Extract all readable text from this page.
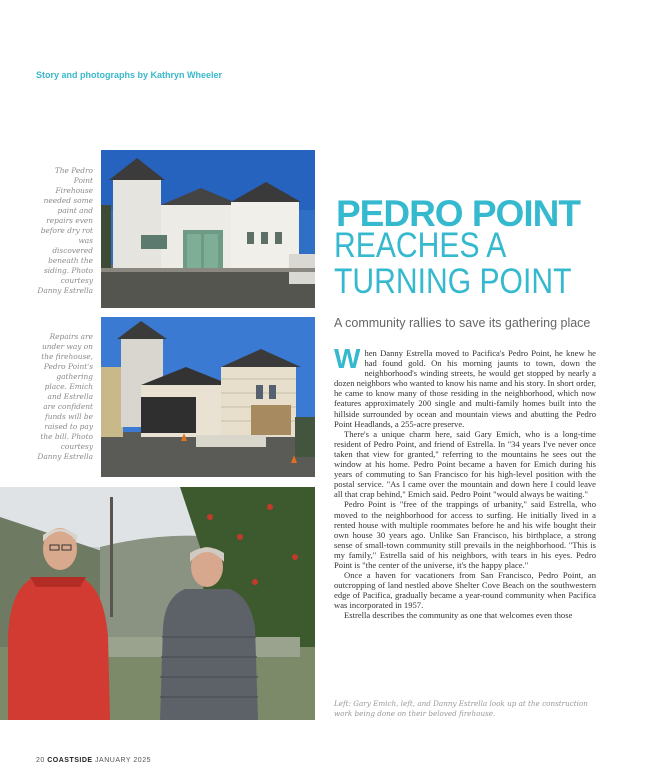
Story and photographs by Kathryn Wheeler
The Pedro Point Firehouse needed some paint and repairs even before dry rot was discovered beneath the siding. Photo courtesy Danny Estrella
Repairs are under way on the firehouse, Pedro Point's gathering place. Emich and Estrella are confident funds will be raised to pay the bill. Photo courtesy Danny Estrella
PEDRO POINT
REACHES A TURNING POINT
A community rallies to save its gathering place

When Danny Estrella moved to Pacifica's Pedro Point, he knew he had found gold. On his morning jaunts to town, down the neighborhood's winding streets, he would get stopped by nearly a dozen neighbors who wanted to know his name and his story. In short order, he came to know many of those residing in the neighborhood, which now features approximately 200 single and multi-family homes built into the hillside surrounded by ocean and mountain views and abutting the Pedro Point Headlands, a 255-acre preserve.

There's a unique charm here, said Gary Emich, who is a long-time resident of Pedro Point, and friend of Estrella. In "34 years I've never once taken that view for granted," referring to the mountains he sees out the window at his home. Pedro Point became a haven for Emich during his years of commuting to San Francisco for his high-level position with the postal service. "As I came over the mountain and down here I could leave all that crap behind," Emich said. Pedro Point "would always be waiting."

Pedro Point is "free of the trappings of urbanity," said Estrella, who moved to the neighborhood for access to surfing. He initially lived in a rented house with multiple roommates before he and his wife bought their own house 30 years ago. Unlike San Francisco, his birthplace, a strong sense of small-town community still prevails in the neighborhood. "This is my family," Estrella said of his neighbors, with tears in his eyes. Pedro Point is "the center of the universe, it's the happy place."

Once a haven for vacationers from San Francisco, Pedro Point, an outcropping of land nestled above Shelter Cove Beach on the southwestern edge of Pacifica, gradually became a year-round community when Pacifica was incorporated in 1957.

Estrella describes the community as one that welcomes even those

Left: Gary Emich, left, and Danny Estrella look up at the construction work being done on their beloved firehouse.
20 COASTSIDE JANUARY 2025
